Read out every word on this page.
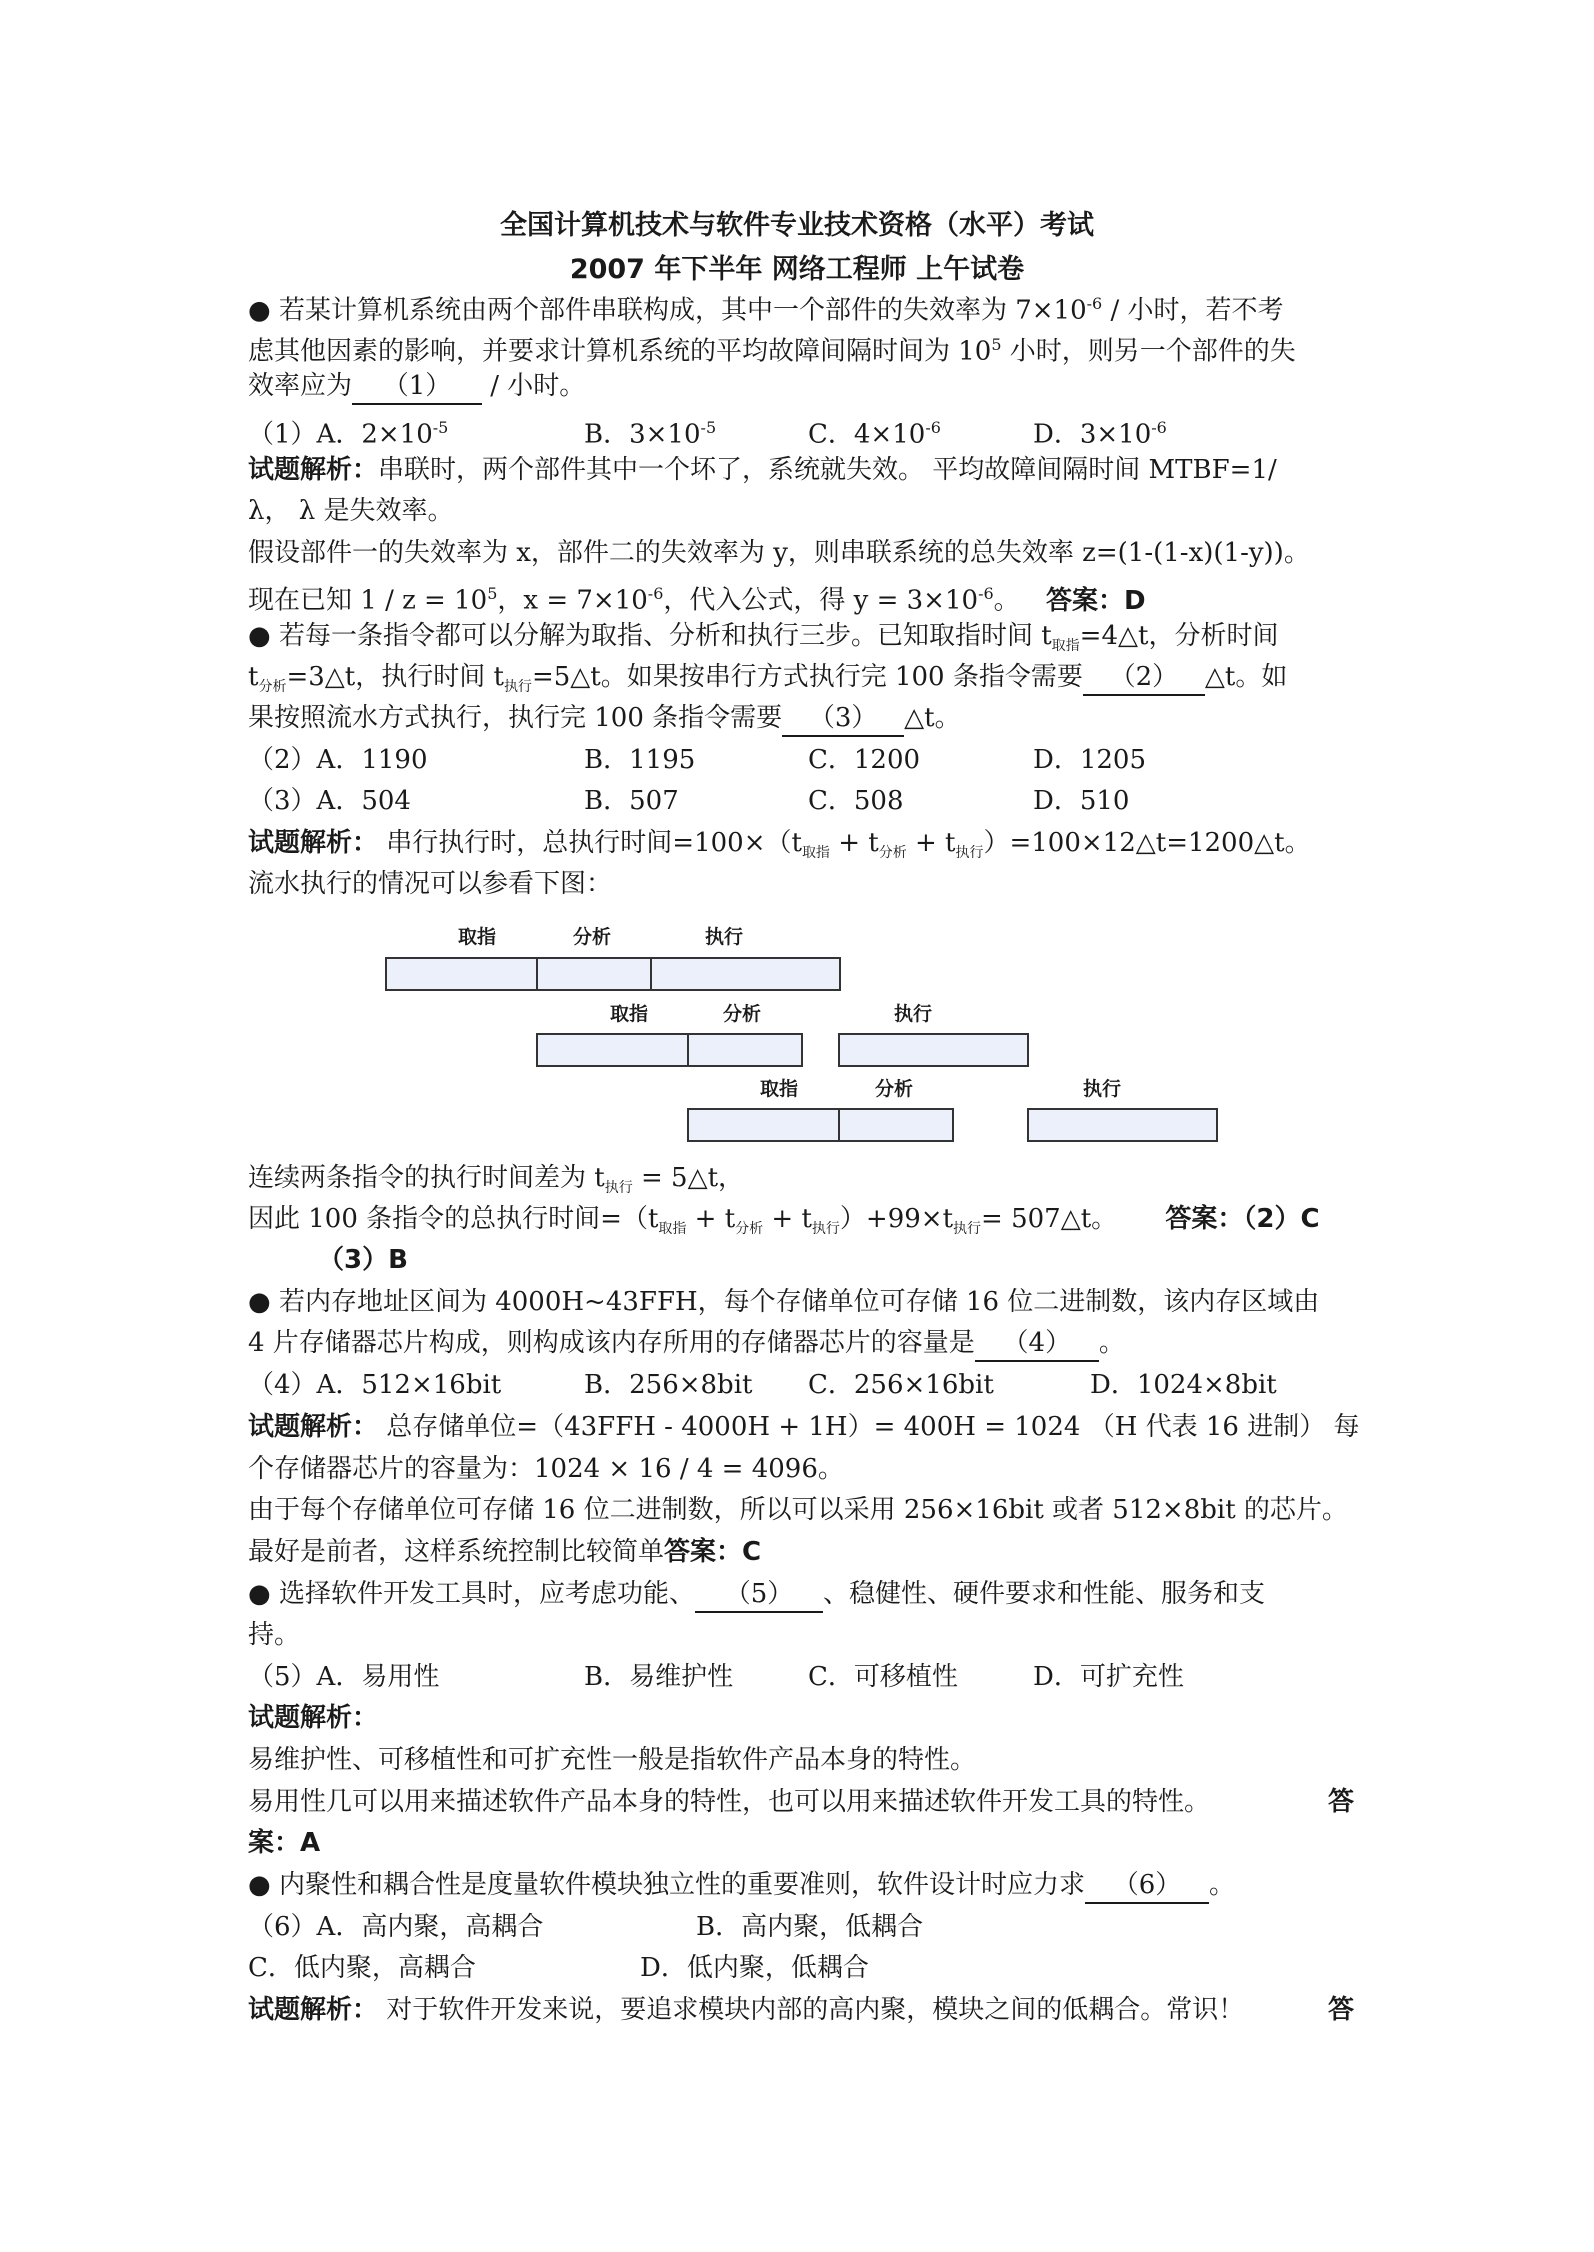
全国计算机技术与软件专业技术资格（水平）考试
2007 年下半年 网络工程师 上午试卷
● 若某计算机系统由两个部件串联构成，其中一个部件的失效率为 $7\times 10^{-6}$ / 小时，若不考
虑其他因素的影响，并要求计算机系统的平均故障间隔时间为 $10^5$ 小时，则另一个部件的失
效率应为 （1） / 小时。
（1）A．$2\times 10^{-5}$	B．$3\times 10^{-5}$	C．$4\times 10^{-6}$	D．$3\times 10^{-6}$
试题解析：串联时，两个部件其中一个坏了，系统就失效。 平均故障间隔时间 MTBF=1/
λ， λ 是失效率。
假设部件一的失效率为 x，部件二的失效率为 y，则串联系统的总失效率 z=(1-(1-x)(1-y))。
现在已知 $1 / z = 10^5$，$x = 7\times 10^{-6}$，代入公式，得 $y = 3\times 10^{-6}$。 答案：D
● 若每一条指令都可以分解为取指、分析和执行三步。已知取指时间 $t_{取指}=4\triangle t$，分析时间
$t_{分析}=3\triangle t$，执行时间 $t_{执行}=5\triangle t$。如果按串行方式执行完 100 条指令需要 （2） △t。如
果按照流水方式执行，执行完 100 条指令需要 （3） △t。
（2）A．1190	B．1195	C．1200	D．1205
（3）A．504	B．507	C．508	D．510
试题解析： 串行执行时，总执行时间$=100\times(t_{取指} + t_{分析}$ + $t_{执行})=100\times 12\triangle t=1200\triangle t$。
流水执行的情况可以参看下图：
取指	分析	执行
取指	分析	执行
取指	分析	执行
连续两条指令的执行时间差为 $t_{执行}$ = 5△t，
因此 100 条指令的总执行时间$=(t_{取指} + t_{分析} + t_{执行})+99\times t_{执行}=$ 507△t。 答案：（2）C
（3）B
● 若内存地址区间为 4000H~43FFH，每个存储单位可存储 16 位二进制数，该内存区域由
4 片存储器芯片构成，则构成该内存所用的存储器芯片的容量是 （4） 。
（4）A．512×16bit	B．256×8bit C．256×16bit	D．1024×8bit
试题解析： 总存储单位=（43FFH - 4000H + 1H）= 400H = 1024 （H 代表 16 进制） 每
个存储器芯片的容量为：1024 × 16 / 4 = 4096。
由于每个存储单位可存储 16 位二进制数，所以可以采用 256×16bit 或者 512×8bit 的芯片。
最好是前者，这样系统控制比较简单答案：C
● 选择软件开发工具时，应考虑功能、 （5） 、稳健性、硬件要求和性能、服务和支
持。
（5）A．易用性	B．易维护性	C．可移植性	D．可扩充性
试题解析：
易维护性、可移植性和可扩充性一般是指软件产品本身的特性。
易用性几可以用来描述软件产品本身的特性，也可以用来描述软件开发工具的特性。	答
案：A
● 内聚性和耦合性是度量软件模块独立性的重要准则，软件设计时应力求 （6） 。
（6）A．高内聚，高耦合	B．高内聚，低耦合
C．低内聚，高耦合	D．低内聚，低耦合
试题解析： 对于软件开发来说，要追求模块内部的高内聚，模块之间的低耦合。常识！	答
